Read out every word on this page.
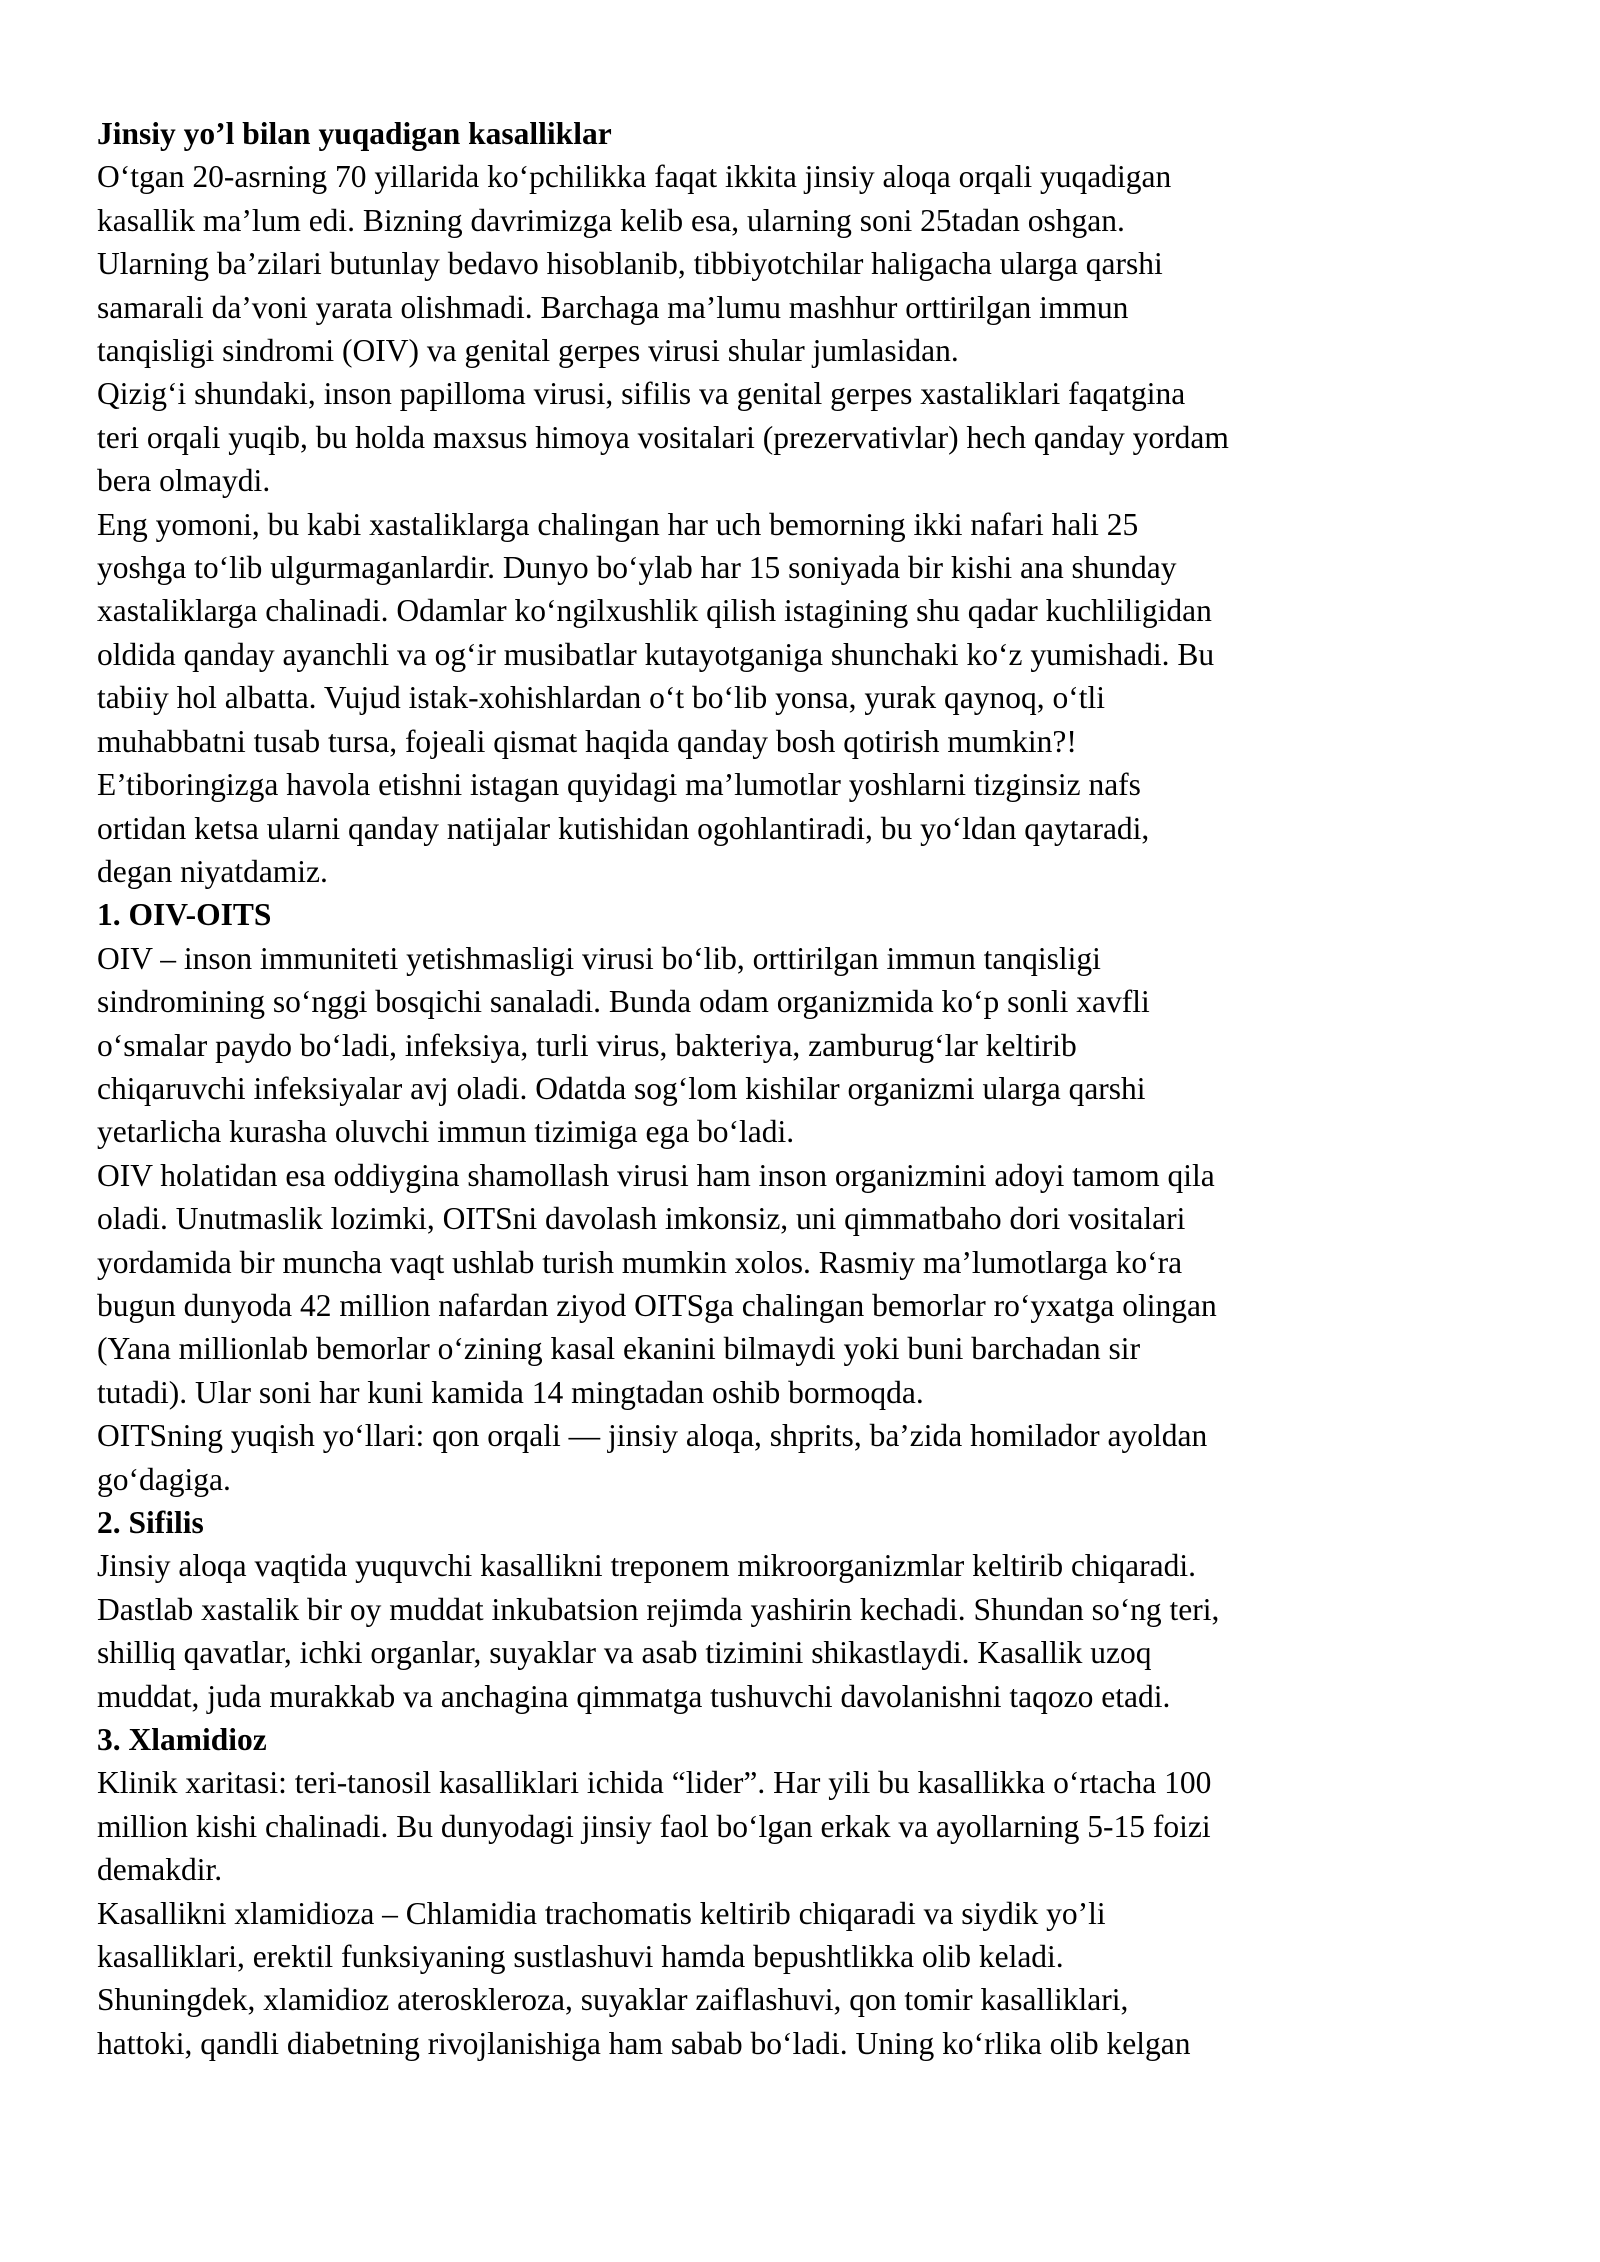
Jinsiy yo’l bilan yuqadigan kasalliklar
O‘tgan 20-asrning 70 yillarida ko‘pchilikka faqat ikkita jinsiy aloqa orqali yuqadigan
kasallik ma’lum edi. Bizning davrimizga kelib esa, ularning soni 25tadan oshgan.
Ularning ba’zilari butunlay bedavo hisoblanib, tibbiyotchilar haligacha ularga qarshi
samarali da’voni yarata olishmadi. Barchaga ma’lumu mashhur orttirilgan immun
tanqisligi sindromi (OIV) va genital gerpes virusi shular jumlasidan.
Qizig‘i shundaki, inson papilloma virusi, sifilis va genital gerpes xastaliklari faqatgina
teri orqali yuqib, bu holda maxsus himoya vositalari (prezervativlar) hech qanday yordam
bera olmaydi.
Eng yomoni, bu kabi xastaliklarga chalingan har uch bemorning ikki nafari hali 25
yoshga to‘lib ulgurmaganlardir. Dunyo bo‘ylab har 15 soniyada bir kishi ana shunday
xastaliklarga chalinadi. Odamlar ko‘ngilxushlik qilish istagining shu qadar kuchliligidan
oldida qanday ayanchli va og‘ir musibatlar kutayotganiga shunchaki ko‘z yumishadi. Bu
tabiiy hol albatta. Vujud istak-xohishlardan o‘t bo‘lib yonsa, yurak qaynoq, o‘tli
muhabbatni tusab tursa, fojeali qismat haqida qanday bosh qotirish mumkin?!
E’tiboringizga havola etishni istagan quyidagi ma’lumotlar yoshlarni tizginsiz nafs
ortidan ketsa ularni qanday natijalar kutishidan ogohlantiradi, bu yo‘ldan qaytaradi,
degan niyatdamiz.
1. OIV-OITS
OIV – inson immuniteti yetishmasligi virusi bo‘lib, orttirilgan immun tanqisligi
sindromining so‘nggi bosqichi sanaladi. Bunda odam organizmida ko‘p sonli xavfli
o‘smalar paydo bo‘ladi, infeksiya, turli virus, bakteriya, zamburug‘lar keltirib
chiqaruvchi infeksiyalar avj oladi. Odatda sog‘lom kishilar organizmi ularga qarshi
yetarlicha kurasha oluvchi immun tizimiga ega bo‘ladi.
OIV holatidan esa oddiygina shamollash virusi ham inson organizmini adoyi tamom qila
oladi. Unutmaslik lozimki, OITSni davolash imkonsiz, uni qimmatbaho dori vositalari
yordamida bir muncha vaqt ushlab turish mumkin xolos. Rasmiy ma’lumotlarga ko‘ra
bugun dunyoda 42 million nafardan ziyod OITSga chalingan bemorlar ro‘yxatga olingan
(Yana millionlab bemorlar o‘zining kasal ekanini bilmaydi yoki buni barchadan sir
tutadi). Ular soni har kuni kamida 14 mingtadan oshib bormoqda.
OITSning yuqish yo‘llari: qon orqali — jinsiy aloqa, shprits, ba’zida homilador ayoldan
go‘dagiga.
2. Sifilis
Jinsiy aloqa vaqtida yuquvchi kasallikni treponem mikroorganizmlar keltirib chiqaradi.
Dastlab xastalik bir oy muddat inkubatsion rejimda yashirin kechadi. Shundan so‘ng teri,
shilliq qavatlar, ichki organlar, suyaklar va asab tizimini shikastlaydi. Kasallik uzoq
muddat, juda murakkab va anchagina qimmatga tushuvchi davolanishni taqozo etadi.
3. Xlamidioz
Klinik xaritasi: teri-tanosil kasalliklari ichida “lider”. Har yili bu kasallikka o‘rtacha 100
million kishi chalinadi. Bu dunyodagi jinsiy faol bo‘lgan erkak va ayollarning 5-15 foizi
demakdir.
Kasallikni xlamidioza – Chlamidia trachomatis keltirib chiqaradi va siydik yo’li
kasalliklari, erektil funksiyaning sustlashuvi hamda bepushtlikka olib keladi.
Shuningdek, xlamidioz ateroskleroza, suyaklar zaiflashuvi, qon tomir kasalliklari,
hattoki, qandli diabetning rivojlanishiga ham sabab bo‘ladi. Uning ko‘rlika olib kelgan
